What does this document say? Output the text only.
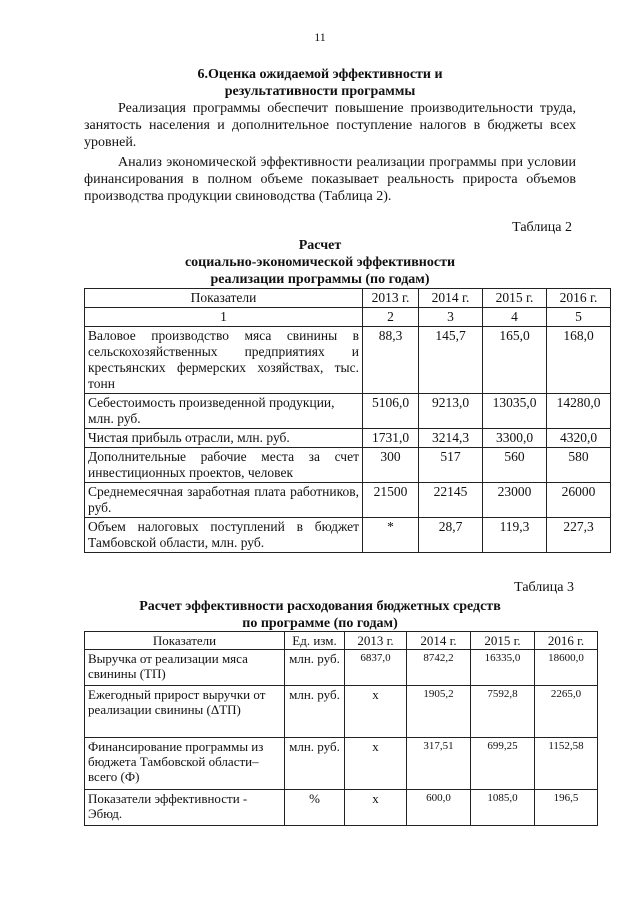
11
6.Оценка ожидаемой эффективности и
результативности программы

Реализация программы обеспечит повышение производительности труда, занятость населения и дополнительное поступление налогов в бюджеты всех уровней.

Анализ экономической эффективности реализации программы при условии финансирования в полном объеме показывает реальность прироста объемов производства продукции свиноводства (Таблица 2).

Таблица 2
Расчет
социально-экономической эффективности
реализации программы (по годам)
Показатели	2013 г.	2014 г.	2015 г.	2016 г.
1	2	3	4	5
Валовое производство мяса свинины в сельскохозяйственных предприятиях и крестьянских фермерских хозяйствах, тыс. тонн	88,3	145,7	165,0	168,0
Себестоимость произведенной продукции, млн. руб.	5106,0	9213,0	13035,0	14280,0
Чистая прибыль отрасли, млн. руб.	1731,0	3214,3	3300,0	4320,0
Дополнительные рабочие места за счет инвестиционных проектов, человек	300	517	560	580
Среднемесячная заработная плата работников, руб.	21500	22145	23000	26000
Объем налоговых поступлений в бюджет Тамбовской области, млн. руб.	*	28,7	119,3	227,3
Таблица 3
Расчет эффективности расходования бюджетных средств
по программе (по годам)
Показатели	Ед. изм.	2013 г.	2014 г.	2015 г.	2016 г.
Выручка от реализации мяса свинины (ТП)	млн. руб.	6837,0	8742,2	16335,0	18600,0
Ежегодный прирост выручки от реализации свинины (ΔТП)	млн. руб.	x	1905,2	7592,8	2265,0
Финансирование программы из бюджета Тамбовской области– всего (Ф)	млн. руб.	x	317,51	699,25	1152,58
Показатели эффективности - Эбюд.	%	x	600,0	1085,0	196,5
